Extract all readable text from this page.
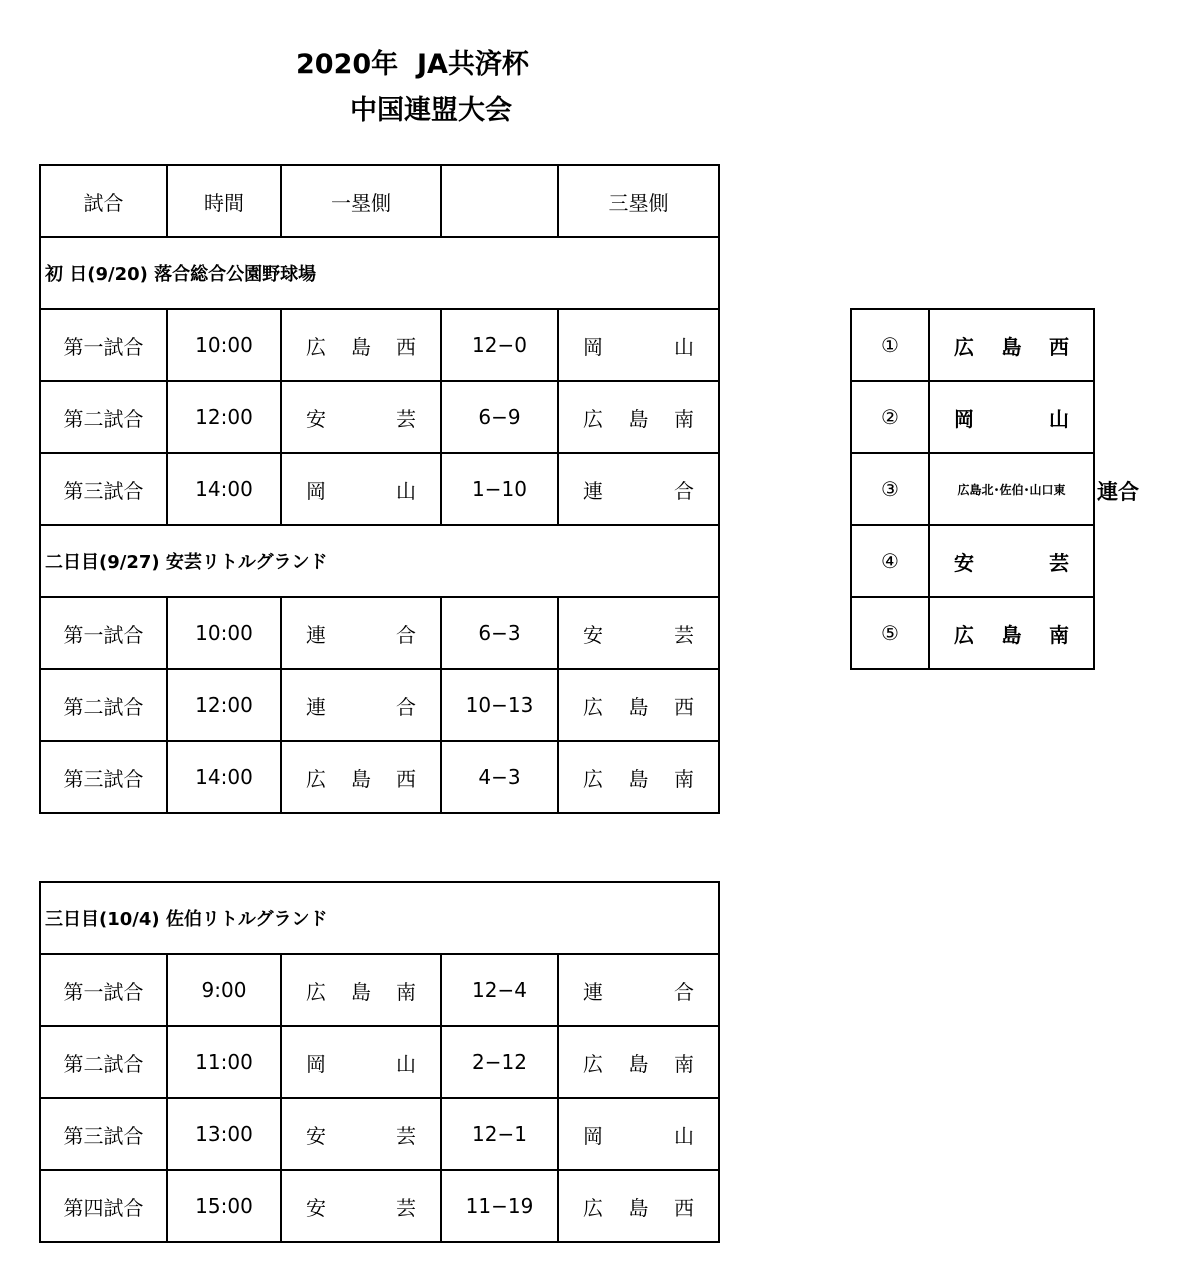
2020年  JA共済杯
中国連盟大会
試合	時間	一塁側		三塁側
初 日(9/20) 落合総合公園野球場				
第一試合	10:00	広 島 西	12−0	岡 山

第二試合	12:00	安 芸	6−9	広 島 南

第三試合	14:00	岡 山	1−10	連 合

二日目(9/27) 安芸リトルグランド				
第一試合	10:00	連 合	6−3	安 芸

第二試合	12:00	連 合	10−13	広 島 西

第三試合	14:00	広 島 西	4−3	広 島 南
三日目(10/4) 佐伯リトルグランド				
第一試合	9:00	広 島 南	12−4	連 合

第二試合	11:00	岡 山	2−12	広 島 南

第三試合	13:00	安 芸	12−1	岡 山

第四試合	15:00	安 芸	11−19	広 島 西
①	広 島 西

②	岡 山

③	広島北･佐伯･山口東
④	安 芸

⑤	広 島 南
連合
